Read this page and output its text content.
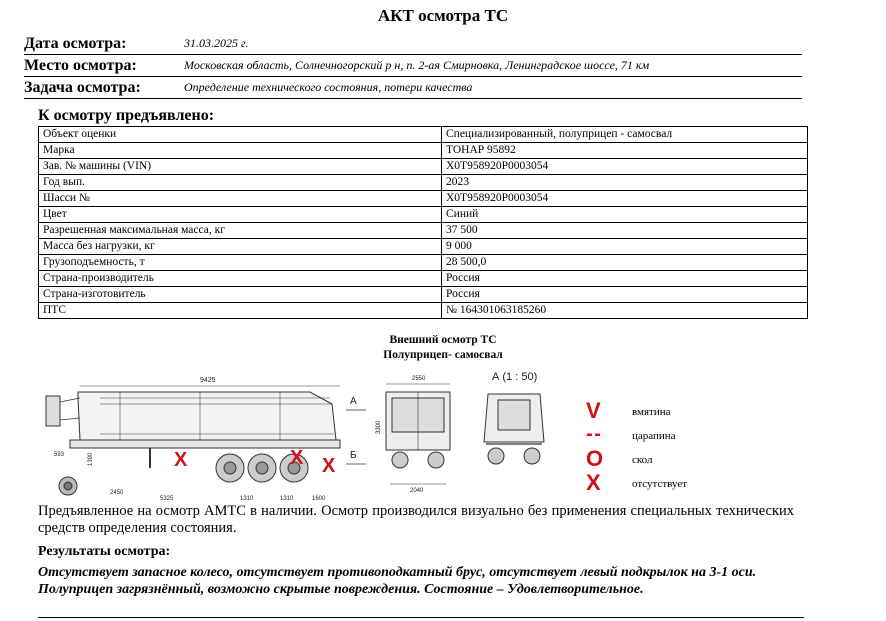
АКТ осмотра ТС
Дата осмотра:	31.03.2025 г.
Место осмотра:	Московская область, Солнечногорский р н, п. 2-ая Смирновка, Ленинградское шоссе, 71 км
Задача осмотра:	Определение технического состояния, потери качества
К осмотру предъявлено:
Объект оценки	Специализированный, полуприцеп - самосвал
Марка	ТОНАР 95892
Зав. № машины (VIN)	X0T958920P0003054
Год вып.	2023
Шасси №	X0T958920P0003054
Цвет	Синий
Разрешенная максимальная масса, кг	37 500
Масса без нагрузки, кг	9 000
Грузоподъемность, т	28 500,0
Страна-производитель	Россия
Страна-изготовитель	Россия
ПТС	№ 164301063185260
Внешний осмотр ТС
Полуприцеп- самосвал
9425
593	1390
2450
5325	1310	1310	1600
А
Б
X	X X
2550
3300
2040
А (1 : 50)
V	вмятина
- -	царапина
O	скол
X	отсутствует
Предъявленное на осмотр АМТС в наличии. Осмотр производился визуально без применения специальных технических средств определения состояния.
Результаты осмотра:
Отсутствует запасное колесо, отсутствует противоподкатный брус, отсутствует левый подкрылок на 3-1 оси. Полуприцеп загрязнённый, возможно скрытые повреждения. Состояние – Удовлетворительное.
